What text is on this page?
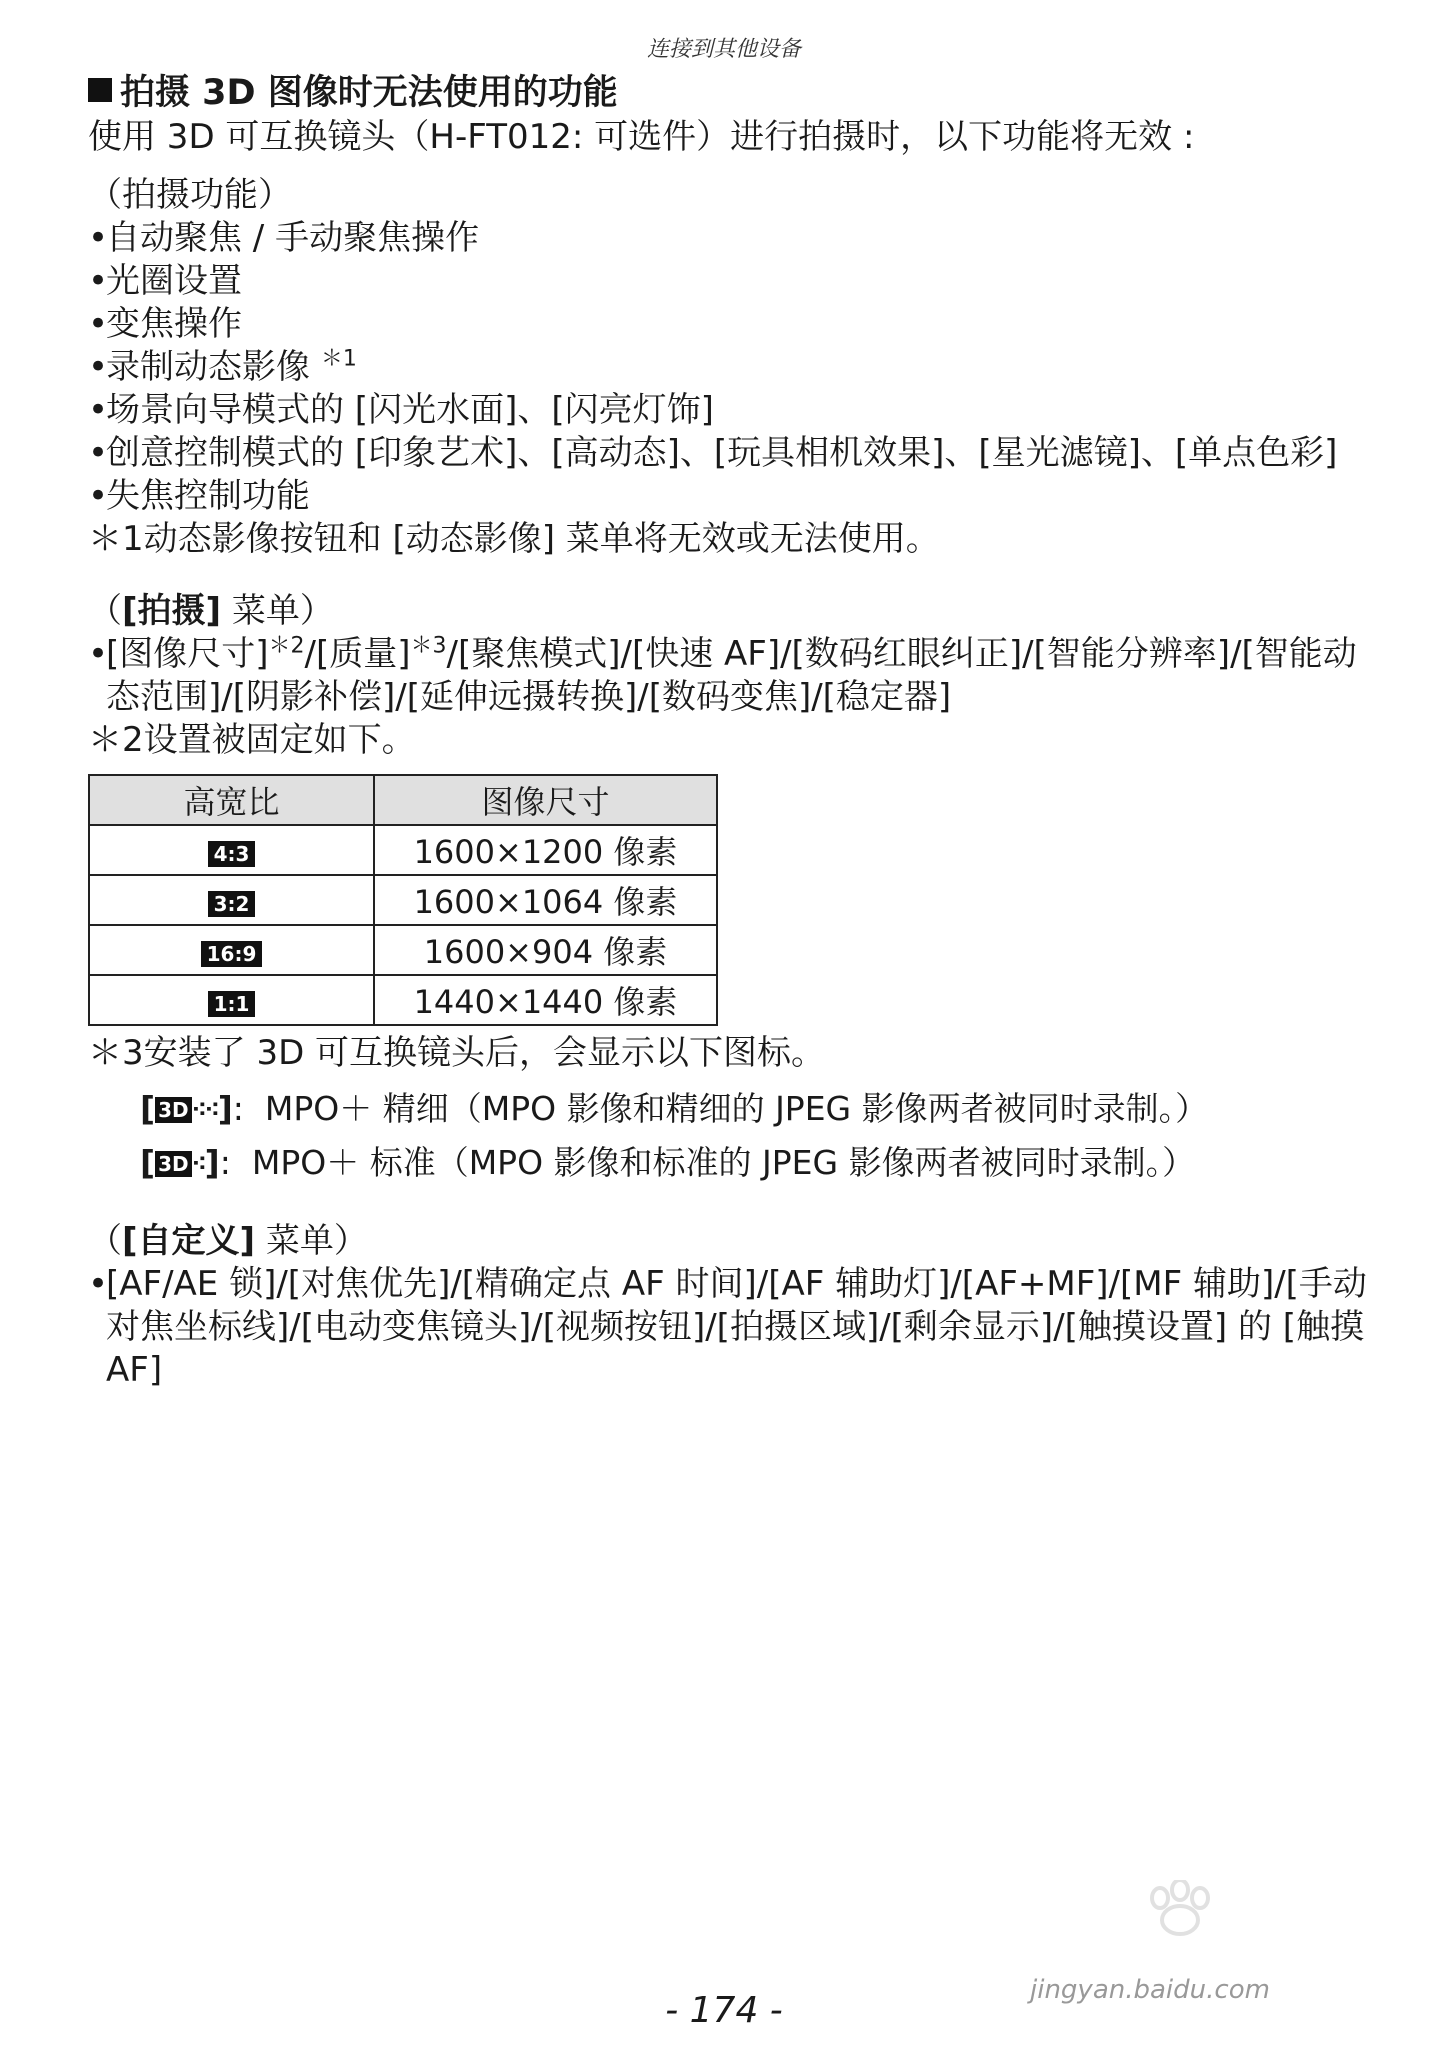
连接到其他设备
拍摄 3D 图像时无法使用的功能
使用 3D 可互换镜头（H-FT012: 可选件）进行拍摄时，以下功能将无效 :
（拍摄功能）
•自动聚焦 / 手动聚焦操作
•光圈设置
•变焦操作
•录制动态影像 $^{*1}$
•场景向导模式的 [闪光水面]、[闪亮灯饰]
•创意控制模式的 [印象艺术]、[高动态]、[玩具相机效果]、[星光滤镜]、[单点色彩]
•失焦控制功能
＊1动态影像按钮和 [动态影像] 菜单将无效或无法使用。
（[拍摄] 菜单）
•[图像尺寸]$^{*2}$/[质量]$^{*3}$/[聚焦模式]/[快速 AF]/[数码红眼纠正]/[智能分辨率]/[智能动态范围]/[阴影补偿]/[延伸远摄转换]/[数码变焦]/[稳定器]
＊2设置被固定如下。
高宽比	图像尺寸
4:3	1600×1200 像素
3:2	1600×1064 像素
16:9	1600×904 像素
1:1	1440×1440 像素
＊3安装了 3D 可互换镜头后，会显示以下图标。
[ 3D ⁖⁖]:  MPO＋ 精细（MPO 影像和精细的 JPEG 影像两者被同时录制。）
[ 3D ⁖]:  MPO＋ 标准（MPO 影像和标准的 JPEG 影像两者被同时录制。）
（[自定义] 菜单）
•[AF/AE 锁]/[对焦优先]/[精确定点 AF 时间]/[AF 辅助灯]/[AF+MF]/[MF 辅助]/[手动对焦坐标线]/[电动变焦镜头]/[视频按钮]/[拍摄区域]/[剩余显示]/[触摸设置] 的 [触摸 AF]
jingyan.baidu.com
- 174 -
